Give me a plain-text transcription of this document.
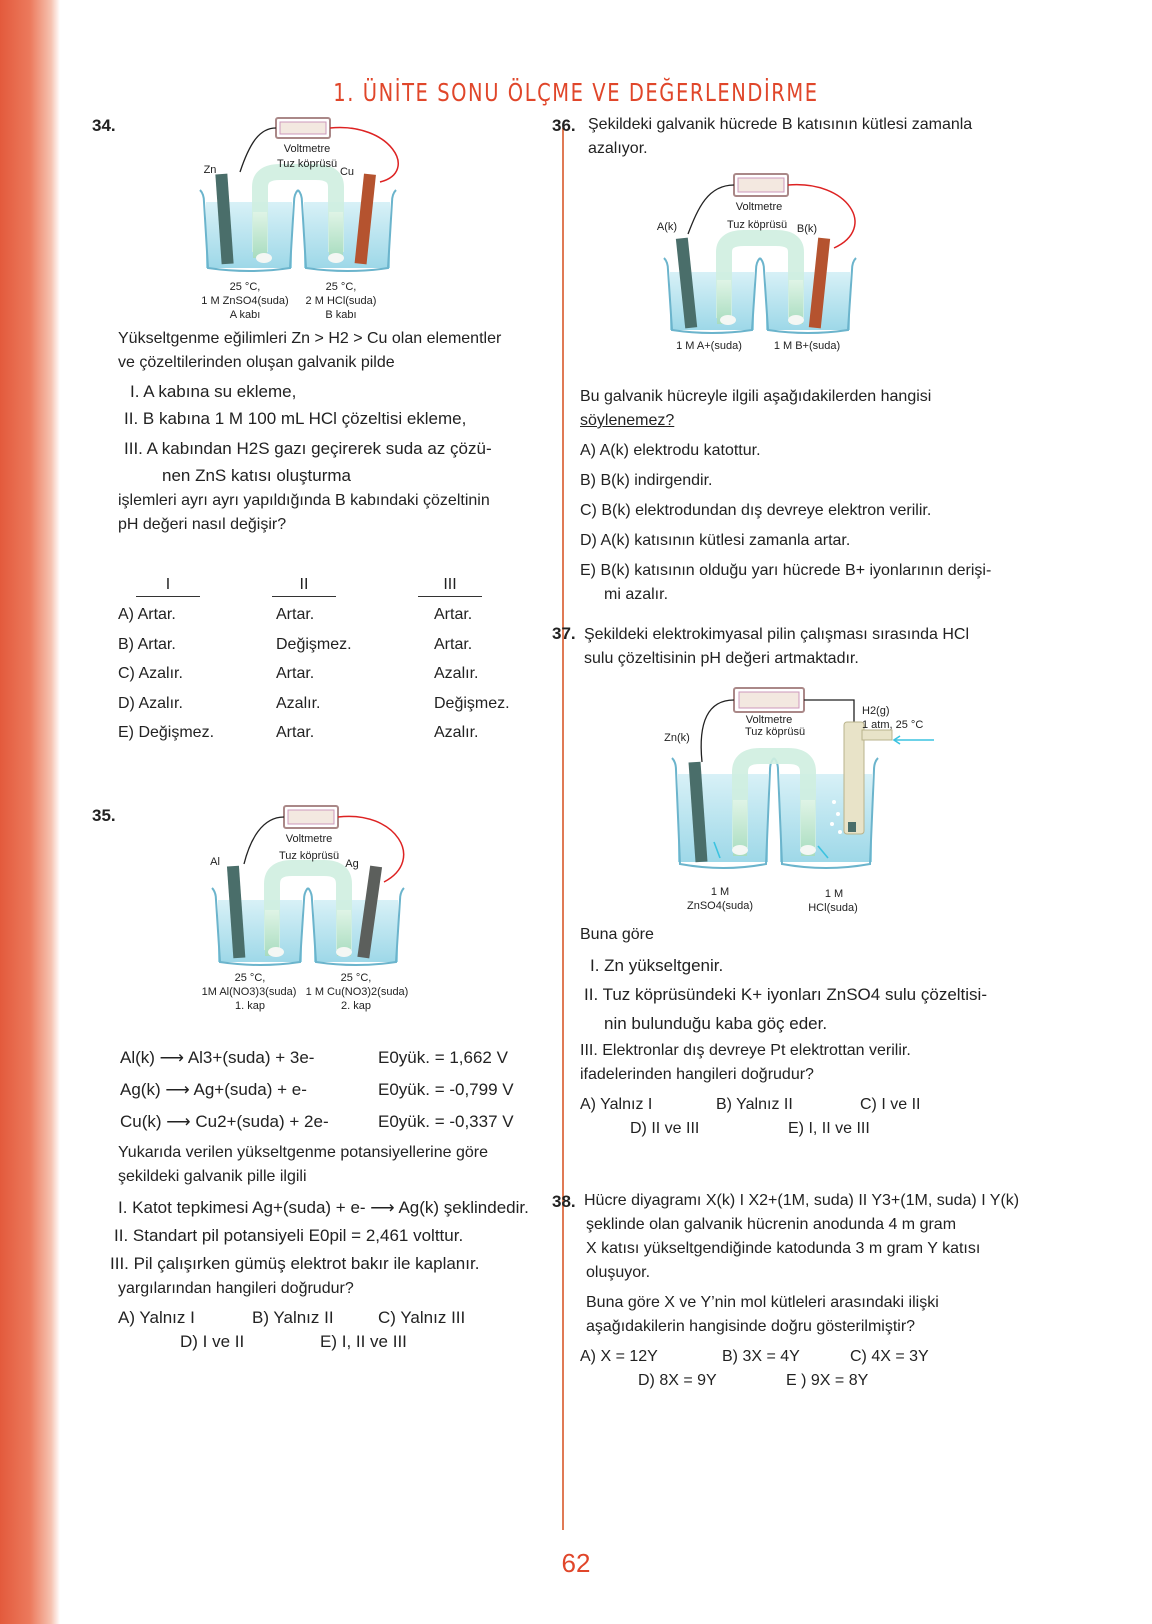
1. ÜNİTE SONU ÖLÇME VE DEĞERLENDİRME
34.
Voltmetre
Tuz köprüsü
Zn	Cu
25 °C,
1 M ZnSO4(suda)
A kabı
25 °C,
2 M HCl(suda)
B kabı
Yükseltgenme eğilimleri Zn > H2 > Cu olan elementler
ve çözeltilerinden oluşan galvanik pilde
I. A kabına su ekleme,
II. B kabına 1 M 100 mL HCl çözeltisi ekleme,
III. A kabından H2S gazı geçirerek suda az çözü-
nen ZnS katısı oluşturma
işlemleri ayrı ayrı yapıldığında B kabındaki çözeltinin
pH değeri nasıl değişir?
I	II	III
A) Artar.	Artar.	Artar.
B) Artar.	Değişmez.	Artar.
C) Azalır.	Artar.	Azalır.
D) Azalır.	Azalır.	Değişmez.
E) Değişmez.	Artar.	Azalır.
35.
Voltmetre
Tuz köprüsü
Al	Ag
25 °C,
1M Al(NO3)3(suda)
1. kap
25 °C,
1 M Cu(NO3)2(suda)
2. kap
Al(k) ⟶ Al3+(suda) + 3e-	E0yük. = 1,662 V
Ag(k) ⟶ Ag+(suda) + e-	E0yük. = -0,799 V
Cu(k) ⟶ Cu2+(suda) + 2e-	E0yük. = -0,337 V
Yukarıda verilen yükseltgenme potansiyellerine göre
şekildeki galvanik pille ilgili
I. Katot tepkimesi Ag+(suda) + e- ⟶ Ag(k) şeklindedir.
II. Standart pil potansiyeli E0pil = 2,461 volttur.
III. Pil çalışırken gümüş elektrot bakır ile kaplanır.
yargılarından hangileri doğrudur?
A) Yalnız I	B) Yalnız II	C) Yalnız III
D) I ve II	E) I, II ve III
36. Şekildeki galvanik hücrede B katısının kütlesi zamanla
azalıyor.
Voltmetre
Tuz köprüsü
A(k)	B(k)
1 M A+(suda)	1 M B+(suda)
Bu galvanik hücreyle ilgili aşağıdakilerden hangisi
söylenemez?
A) A(k) elektrodu katottur.
B) B(k) indirgendir.
C) B(k) elektrodundan dış devreye elektron verilir.
D) A(k) katısının kütlesi zamanla artar.
E) B(k) katısının olduğu yarı hücrede B+ iyonlarının derişi-
mi azalır.
37. Şekildeki elektrokimyasal pilin çalışması sırasında HCl
sulu çözeltisinin pH değeri artmaktadır.
Voltmetre
Tuz köprüsü
Zn(k)
H2(g)
1 atm, 25 °C
1 M
ZnSO4(suda)
1 M
HCl(suda)
Buna göre
I. Zn yükseltgenir.
II. Tuz köprüsündeki K+ iyonları ZnSO4 sulu çözeltisi-
nin bulunduğu kaba göç eder.
III. Elektronlar dış devreye Pt elektrottan verilir.
ifadelerinden hangileri doğrudur?
A) Yalnız I	B) Yalnız II	C) I ve II
D) II ve III	E) I, II ve III
38. Hücre diyagramı X(k) I X2+(1M, suda) II Y3+(1M, suda) I Y(k)
şeklinde olan galvanik hücrenin anodunda 4 m gram
X katısı yükseltgendiğinde katodunda 3 m gram Y katısı
oluşuyor.
Buna göre X ve Y’nin mol kütleleri arasındaki ilişki
aşağıdakilerin hangisinde doğru gösterilmiştir?
A) X = 12Y	B) 3X = 4Y	C) 4X = 3Y
D) 8X = 9Y	E ) 9X = 8Y
62
